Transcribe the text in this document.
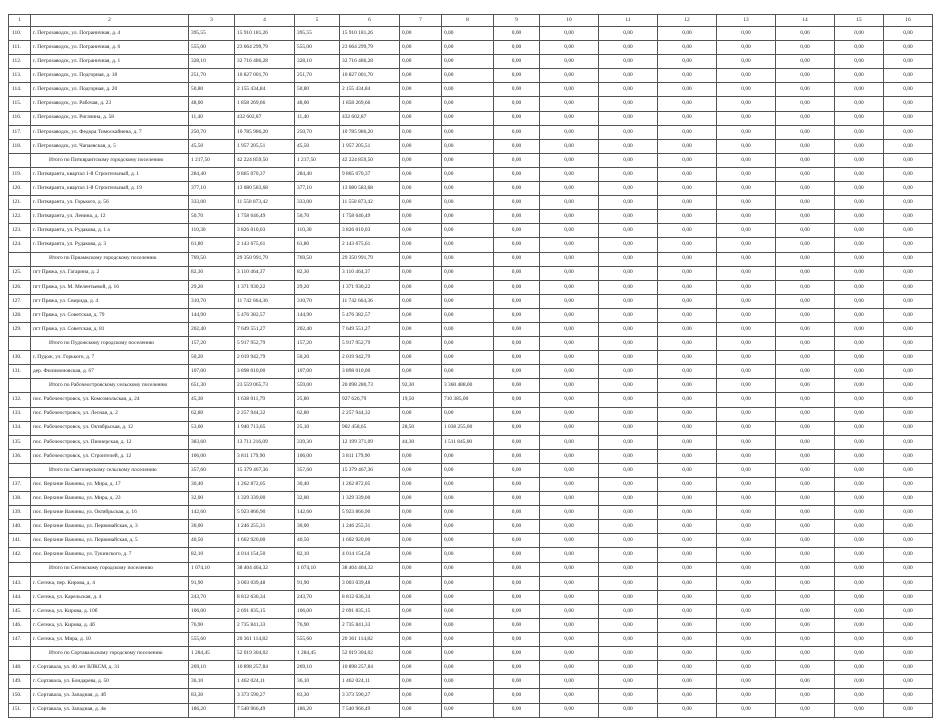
1	2	3	4	5	6	7	8	9	10	11	12	13	14	15	16
110.	г. Петрозаводск, ул. Пограничная, д. 4	395,55	15 910 181,26	395,55	15 910 181,26	0,00	0,00	0,00	0,00	0,00	0,00	0,00	0,00	0,00	0,00
111.	г. Петрозаводск, ул. Пограничная, д. 6	555,00	23 664 299,79	555,00	23 664 299,79	0,00	0,00	0,00	0,00	0,00	0,00	0,00	0,00	0,00	0,00
112.	г. Петрозаводск, ул. Пограничная, д. 1	328,10	32 716 486,28	328,10	32 716 486,28	0,00	0,00	0,00	0,00	0,00	0,00	0,00	0,00	0,00	0,00
113.	г. Петрозаводск, ул. Подгорная, д. 18	251,70	10 827 001,70	251,70	10 827 001,70	0,00	0,00	0,00	0,00	0,00	0,00	0,00	0,00	0,00	0,00
114.	г. Петрозаводск, ул. Подгорная, д. 20	50,80	2 155 434,84	50,80	2 155 434,84	0,00	0,00	0,00	0,00	0,00	0,00	0,00	0,00	0,00	0,00
115.	г. Петрозаводск, ул. Рабочая, д. 23	48,00	1 858 269,66	48,00	1 858 269,66	0,00	0,00	0,00	0,00	0,00	0,00	0,00	0,00	0,00	0,00
116.	г. Петрозаводск, ул. Ригачина, д. 58	11,40	432 602,87	11,40	432 602,87	0,00	0,00	0,00	0,00	0,00	0,00	0,00	0,00	0,00	0,00
117.	г. Петрозаводск, ул. Федора Тимоскайнена, д. 7	250,70	10 785 986,20	250,70	10 785 986,20	0,00	0,00	0,00	0,00	0,00	0,00	0,00	0,00	0,00	0,00
118.	г. Петрозаводск, ул. Чапаевская, д. 5	45,50	1 957 205,51	45,50	1 957 205,51	0,00	0,00	0,00	0,00	0,00	0,00	0,00	0,00	0,00	0,00
	Итого по Питкярантскому городскому поселению	1 217,50	42 224 859,50	1 217,50	42 224 859,50	0,00	0,00	0,00	0,00	0,00	0,00	0,00	0,00	0,00	0,00
119.	г. Питкяранта, квартал 1-й Строительный, д. 1	284,40	9 865 070,37	284,40	9 865 070,37	0,00	0,00	0,00	0,00	0,00	0,00	0,00	0,00	0,00	0,00
120.	г. Питкяранта, квартал 1-й Строительный, д. 19	377,10	13 080 583,68	377,10	13 080 583,68	0,00	0,00	0,00	0,00	0,00	0,00	0,00	0,00	0,00	0,00
121.	г. Питкяранта, ул. Горького, д. 56	333,00	11 550 873,42	333,00	11 550 873,42	0,00	0,00	0,00	0,00	0,00	0,00	0,00	0,00	0,00	0,00
122.	г. Питкяранта, ул. Ленина, д. 12	50,70	1 758 646,49	50,70	1 758 646,49	0,00	0,00	0,00	0,00	0,00	0,00	0,00	0,00	0,00	0,00
123.	г. Питкяранта, ул. Рудакова, д. 1 а	110,30	3 826 010,03	110,30	3 826 010,03	0,00	0,00	0,00	0,00	0,00	0,00	0,00	0,00	0,00	0,00
124.	г. Питкяранта, ул. Рудакова, д. 3	61,80	2 143 675,61	61,80	2 143 675,61	0,00	0,00	0,00	0,00	0,00	0,00	0,00	0,00	0,00	0,00
	Итого по Приамкскому городскому поселению	769,50	29 350 991,79	769,50	29 350 991,79	0,00	0,00	0,00	0,00	0,00	0,00	0,00	0,00	0,00	0,00
125.	пгт Пряжа, ул. Гагарина, д. 2	82,30	3 110 464,37	82,30	3 110 464,37	0,00	0,00	0,00	0,00	0,00	0,00	0,00	0,00	0,00	0,00
126.	пгт Пряжа, ул. М. Мелентьевой, д. 16	29,20	1 371 930,22	29,20	1 371 930,22	0,00	0,00	0,00	0,00	0,00	0,00	0,00	0,00	0,00	0,00
127.	пгт Пряжа, ул. Свирида, д. 4	310,70	11 742 664,36	310,70	11 742 664,36	0,00	0,00	0,00	0,00	0,00	0,00	0,00	0,00	0,00	0,00
128.	пгт Пряжа, ул. Советская, д. 79	144,90	5 476 382,57	144,90	5 476 382,57	0,00	0,00	0,00	0,00	0,00	0,00	0,00	0,00	0,00	0,00
129.	пгт Пряжа, ул. Советская, д. 81	202,40	7 649 551,27	202,40	7 649 551,27	0,00	0,00	0,00	0,00	0,00	0,00	0,00	0,00	0,00	0,00
	Итого по Пудожскому городскому поселению	157,20	5 917 952,79	157,20	5 917 952,79	0,00	0,00	0,00	0,00	0,00	0,00	0,00	0,00	0,00	0,00
130.	г. Пудож, ул. Горького, д. 7	50,20	2 019 942,79	50,20	2 019 942,79	0,00	0,00	0,00	0,00	0,00	0,00	0,00	0,00	0,00	0,00
131.	дер. Филимоновская, д. 67	107,00	3 898 010,00	107,00	3 898 010,00	0,00	0,00	0,00	0,00	0,00	0,00	0,00	0,00	0,00	0,00
	Итого по Рабочеостровскому сельскому поселению	651,30	23 559 065,73	559,00	20 098 280,73	92,30	3 360 488,00	0,00	0,00	0,00	0,00	0,00	0,00	0,00	0,00
132.	пос. Рабочеостровск, ул. Комсомольская, д. 24	45,30	1 638 011,79	25,80	927 626,79	19,50	710 385,00	0,00	0,00	0,00	0,00	0,00	0,00	0,00	0,00
133.	пос. Рабочеостровск, ул. Лесная, д. 2	62,80	2 257 944,32	62,80	2 257 944,32	0,00	0,00	0,00	0,00	0,00	0,00	0,00	0,00	0,00	0,00
134.	пос. Рабочеостровск, ул. Октябрьская, д. 12	53,60	1 940 713,65	25,10	902 458,65	28,50	1 038 255,00	0,00	0,00	0,00	0,00	0,00	0,00	0,00	0,00
135.	пос. Рабочеостровск, ул. Пионерская, д. 12	383,60	13 711 216,09	339,30	12 199 371,09	44,30	1 511 845,00	0,00	0,00	0,00	0,00	0,00	0,00	0,00	0,00
136.	пос. Рабочеостровск, ул. Строителей, д. 12	106,00	3 811 179,90	106,00	3 811 179,90	0,00	0,00	0,00	0,00	0,00	0,00	0,00	0,00	0,00	0,00
	Итого по Святозерскому сельскому поселению	357,60	15 379 467,36	357,60	15 379 467,36	0,00	0,00	0,00	0,00	0,00	0,00	0,00	0,00	0,00	0,00
137.	пос. Верхние Важины, ул. Мира, д. 17	30,40	1 262 872,05	30,40	1 262 872,05	0,00	0,00	0,00	0,00	0,00	0,00	0,00	0,00	0,00	0,00
138.	пос. Верхние Важины, ул. Мира, д. 23	32,00	1 329 339,00	32,00	1 329 339,00	0,00	0,00	0,00	0,00	0,00	0,00	0,00	0,00	0,00	0,00
139.	пос. Верхние Важины, ул. Октябрьская, д. 16	142,60	5 923 866,90	142,60	5 923 866,90	0,00	0,00	0,00	0,00	0,00	0,00	0,00	0,00	0,00	0,00
140.	пос. Верхние Важины, ул. Первомайская, д. 3	30,00	1 246 255,31	30,00	1 246 255,31	0,00	0,00	0,00	0,00	0,00	0,00	0,00	0,00	0,00	0,00
141.	пос. Верхние Важины, ул. Первомайская, д. 5	40,50	1 602 920,00	40,50	1 602 920,00	0,00	0,00	0,00	0,00	0,00	0,00	0,00	0,00	0,00	0,00
142.	пос. Верхние Важины, ул. Тукинского, д. 7	82,10	4 014 154,50	82,10	4 014 154,50	0,00	0,00	0,00	0,00	0,00	0,00	0,00	0,00	0,00	0,00
	Итого по Сегежскому городскому поселению	1 074,10	38 404 464,32	1 074,10	38 404 464,32	0,00	0,00	0,00	0,00	0,00	0,00	0,00	0,00	0,00	0,00
143.	г. Сегежа, пер. Кирова, д. 4	91,90	3 003 039,48	91,90	3 003 039,48	0,00	0,00	0,00	0,00	0,00	0,00	0,00	0,00	0,00	0,00
144.	г. Сегежа, ул. Карельская, д. 4	243,70	8 812 636,34	243,70	8 812 636,34	0,00	0,00	0,00	0,00	0,00	0,00	0,00	0,00	0,00	0,00
145.	г. Сегежа, ул. Кирова, д. 10б	106,00	2 691 835,15	106,00	2 691 835,15	0,00	0,00	0,00	0,00	0,00	0,00	0,00	0,00	0,00	0,00
146.	г. Сегежа, ул. Кирова, д. 4б	76,90	2 735 841,33	76,90	2 735 841,33	0,00	0,00	0,00	0,00	0,00	0,00	0,00	0,00	0,00	0,00
147.	г. Сегежа, ул. Мира, д. 10	555,60	20 361 114,82	555,60	20 361 114,82	0,00	0,00	0,00	0,00	0,00	0,00	0,00	0,00	0,00	0,00
	Итого по Сортавальскому городскому поселению	1 284,45	52 019 304,02	1 284,45	52 019 304,02	0,00	0,00	0,00	0,00	0,00	0,00	0,00	0,00	0,00	0,00
148.	г. Сортавала, ул. 40 лет ВЛКСМ, д. 31	269,10	10 898 257,84	269,10	10 898 257,84	0,00	0,00	0,00	0,00	0,00	0,00	0,00	0,00	0,00	0,00
149.	г. Сортавала, ул. Бондарева, д. 50	36,10	1 462 024,11	36,10	1 462 024,11	0,00	0,00	0,00	0,00	0,00	0,00	0,00	0,00	0,00	0,00
150.	г. Сортавала, ул. Западная, д. 4б	83,30	3 373 590,27	83,30	3 373 590,27	0,00	0,00	0,00	0,00	0,00	0,00	0,00	0,00	0,00	0,00
151.	г. Сортавала, ул. Западная, д. 4в	186,20	7 540 966,49	186,20	7 540 966,49	0,00	0,00	0,00	0,00	0,00	0,00	0,00	0,00	0,00	0,00
